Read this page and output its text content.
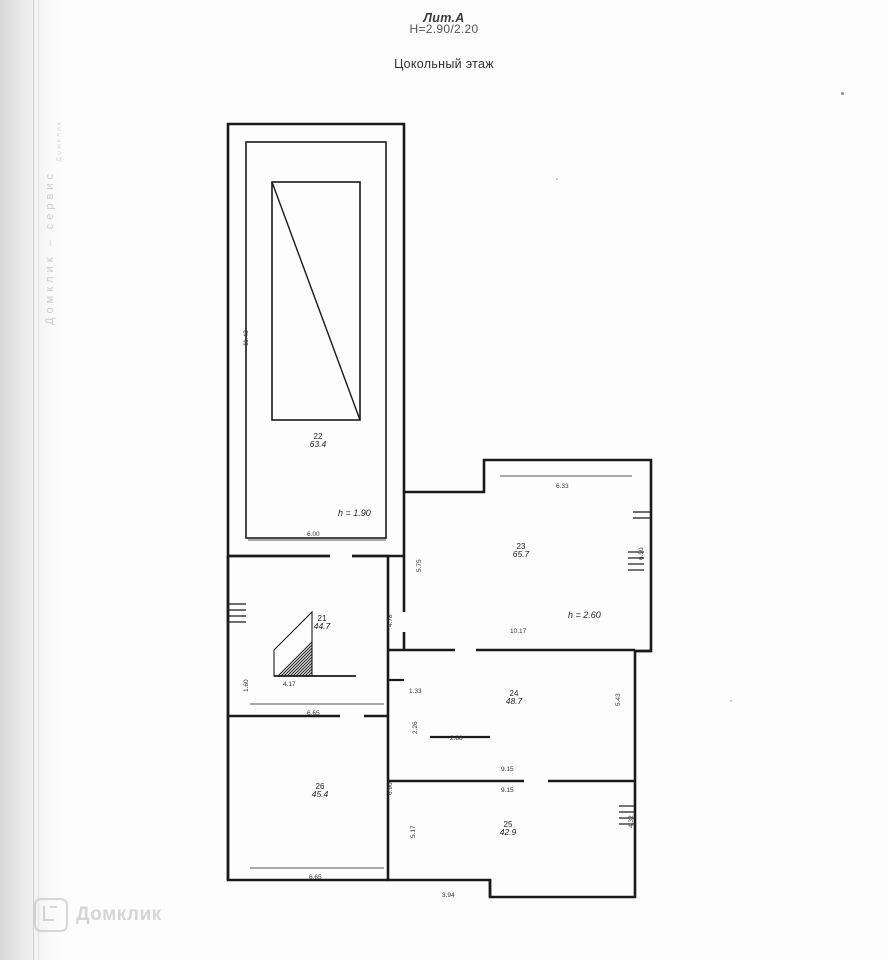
Домклик – сервис
Домклик
Лит.А
H=2.90/2.20
Цокольный этаж
22
63.4
21
44.7
26
45.4
23
65.7
24
48.7
25
42.9
h = 1.90
h = 2.60
6.00
6.33
10.17
4.17
1.33
6.65
2.68
9.15
9.15
6.65
3.94
11.43
5.75
6.90
4.78
1.60
2.26
5.43
6.90
5.17
4.32
Домклик
